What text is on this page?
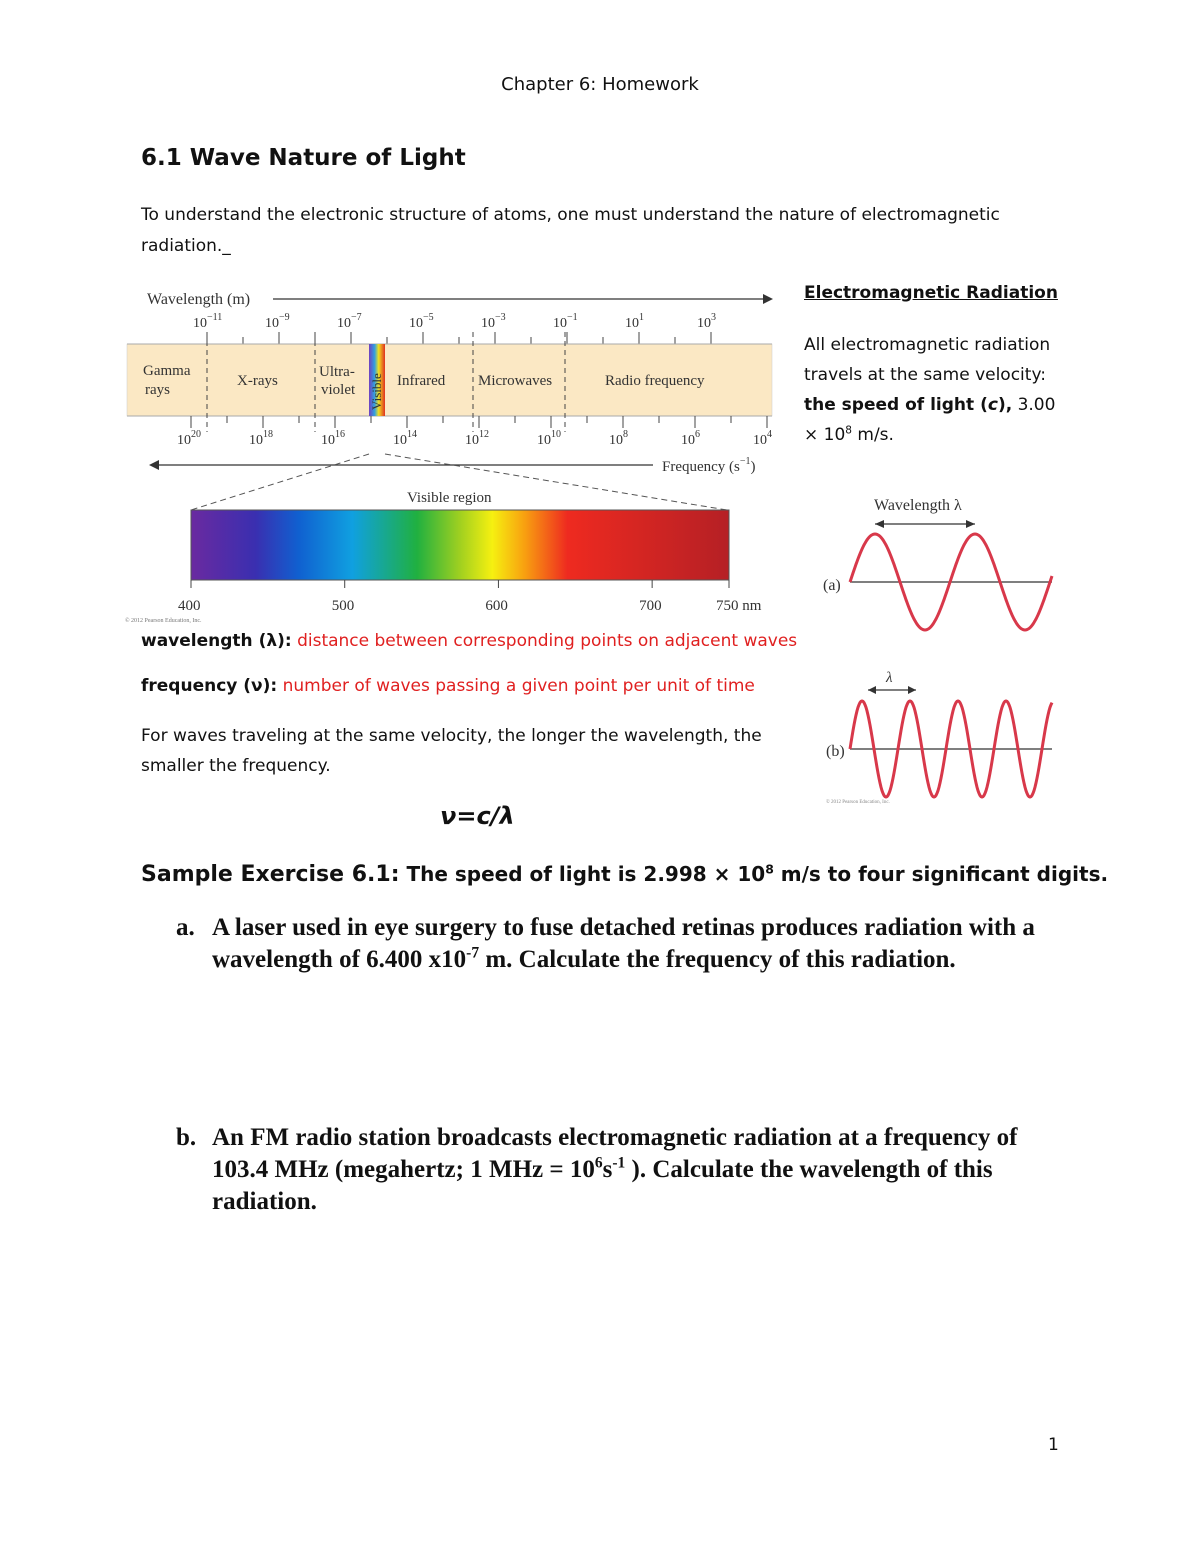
Chapter 6: Homework
6.1 Wave Nature of Light
To understand the electronic structure of atoms, one must understand the nature of electromagnetic radiation._
Wavelength (m)
$10^{-11}$	$10^{-9}$	$10^{-7}$	$10^{-5}$	$10^{-3}$	$10^{-1}$	$10^1$	$10^3$
Gamma
rays
X-rays
Ultra-
violet Visible Infrared Microwaves	Radio frequency
$10^{20}$	$10^{18}$	$10^{16}$	$10^{14}$	$10^{12}$	$10^{10}$	$10^8$	$10^6$	$10^4$
Frequency $(s^{-1})$
Visible region
400	500	600	700	750 nm
© 2012 Pearson Education, Inc.
Electromagnetic Radiation
All electromagnetic radiation travels at the same velocity: the speed of light (c), $3.00 \times 10^8$ m/s.
Wavelength λ
(a)
λ
(b)
© 2012 Pearson Education, Inc.
wavelength (λ): distance between corresponding points on adjacent waves
frequency (ν): number of waves passing a given point per unit of time
For waves traveling at the same velocity, the longer the wavelength, the smaller the frequency.
ν=c/λ
Sample Exercise 6.1: The speed of light is $2.998 \times 10^8$ m/s to four significant digits.
a. A laser used in eye surgery to fuse detached retinas produces radiation with a wavelength of 6.400 $x10^{-7}$ m. Calculate the frequency of this radiation.
b. An FM radio station broadcasts electromagnetic radiation at a frequency of 103.4 MHz (megahertz; 1 MHz = $10^6s^{-1}$ ). Calculate the wavelength of this radiation.
1
